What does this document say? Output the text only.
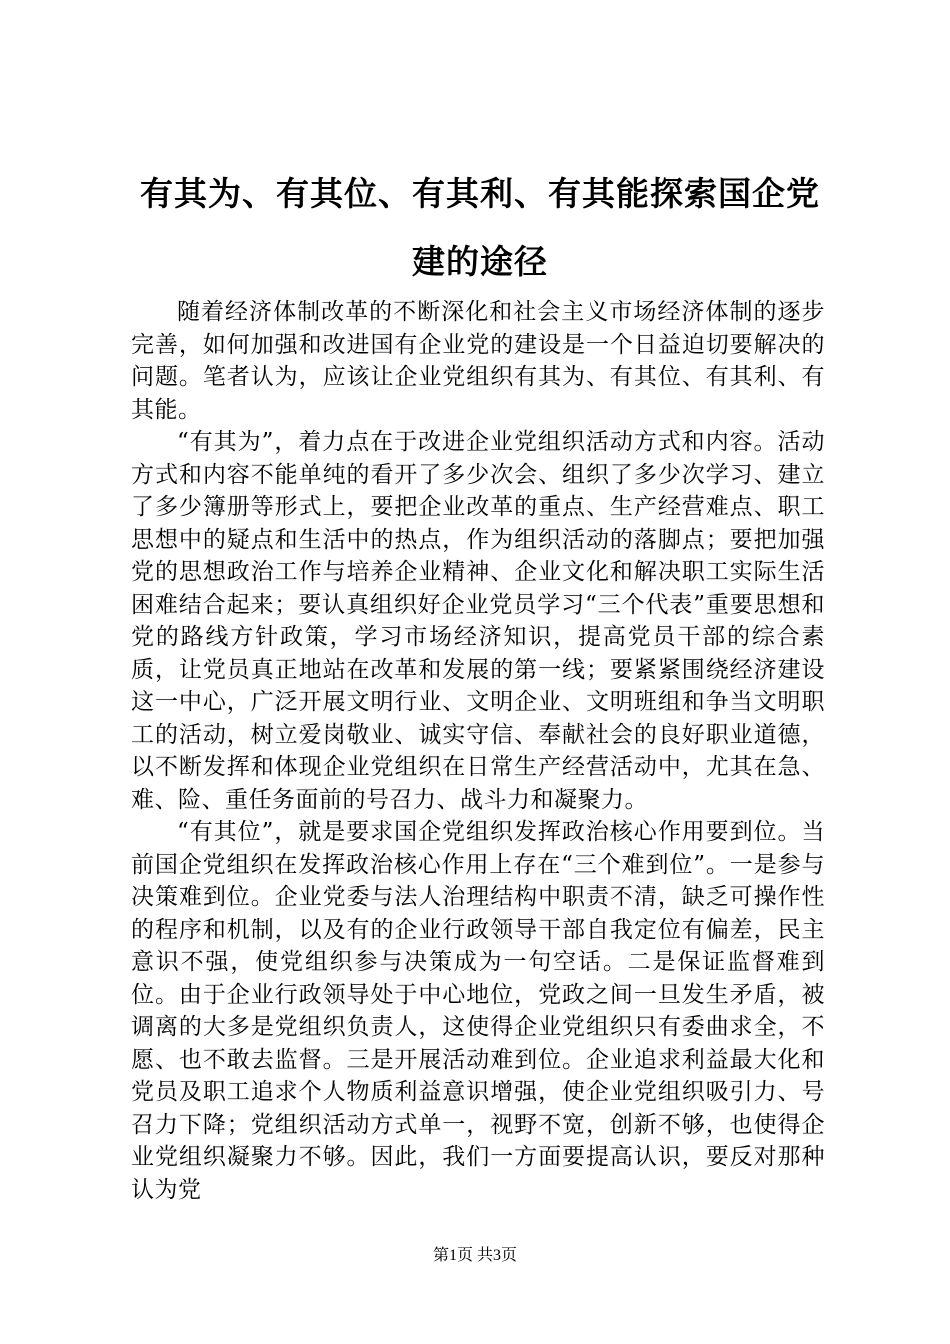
有其为、有其位、有其利、有其能探索国企党
建的途径

随着经济体制改革的不断深化和社会主义市场经济体制的逐步完善，如何加强和改进国有企业党的建设是一个日益迫切要解决的问题。笔者认为，应该让企业党组织有其为、有其位、有其利、有其能。

“有其为”，着力点在于改进企业党组织活动方式和内容。活动方式和内容不能单纯的看开了多少次会、组织了多少次学习、建立了多少簿册等形式上，要把企业改革的重点、生产经营难点、职工思想中的疑点和生活中的热点，作为组织活动的落脚点；要把加强党的思想政治工作与培养企业精神、企业文化和解决职工实际生活困难结合起来；要认真组织好企业党员学习“三个代表”重要思想和党的路线方针政策，学习市场经济知识，提高党员干部的综合素质，让党员真正地站在改革和发展的第一线；要紧紧围绕经济建设这一中心，广泛开展文明行业、文明企业、文明班组和争当文明职工的活动，树立爱岗敬业、诚实守信、奉献社会的良好职业道德，以不断发挥和体现企业党组织在日常生产经营活动中，尤其在急、难、险、重任务面前的号召力、战斗力和凝聚力。

“有其位”，就是要求国企党组织发挥政治核心作用要到位。当前国企党组织在发挥政治核心作用上存在“三个难到位”。一是参与决策难到位。企业党委与法人治理结构中职责不清，缺乏可操作性的程序和机制，以及有的企业行政领导干部自我定位有偏差，民主意识不强，使党组织参与决策成为一句空话。二是保证监督难到位。由于企业行政领导处于中心地位，党政之间一旦发生矛盾，被调离的大多是党组织负责人，这使得企业党组织只有委曲求全，不愿、也不敢去监督。三是开展活动难到位。企业追求利益最大化和党员及职工追求个人物质利益意识增强，使企业党组织吸引力、号召力下降；党组织活动方式单一，视野不宽，创新不够，也使得企业党组织凝聚力不够。因此，我们一方面要提高认识，要反对那种认为党

第1页 共3页
